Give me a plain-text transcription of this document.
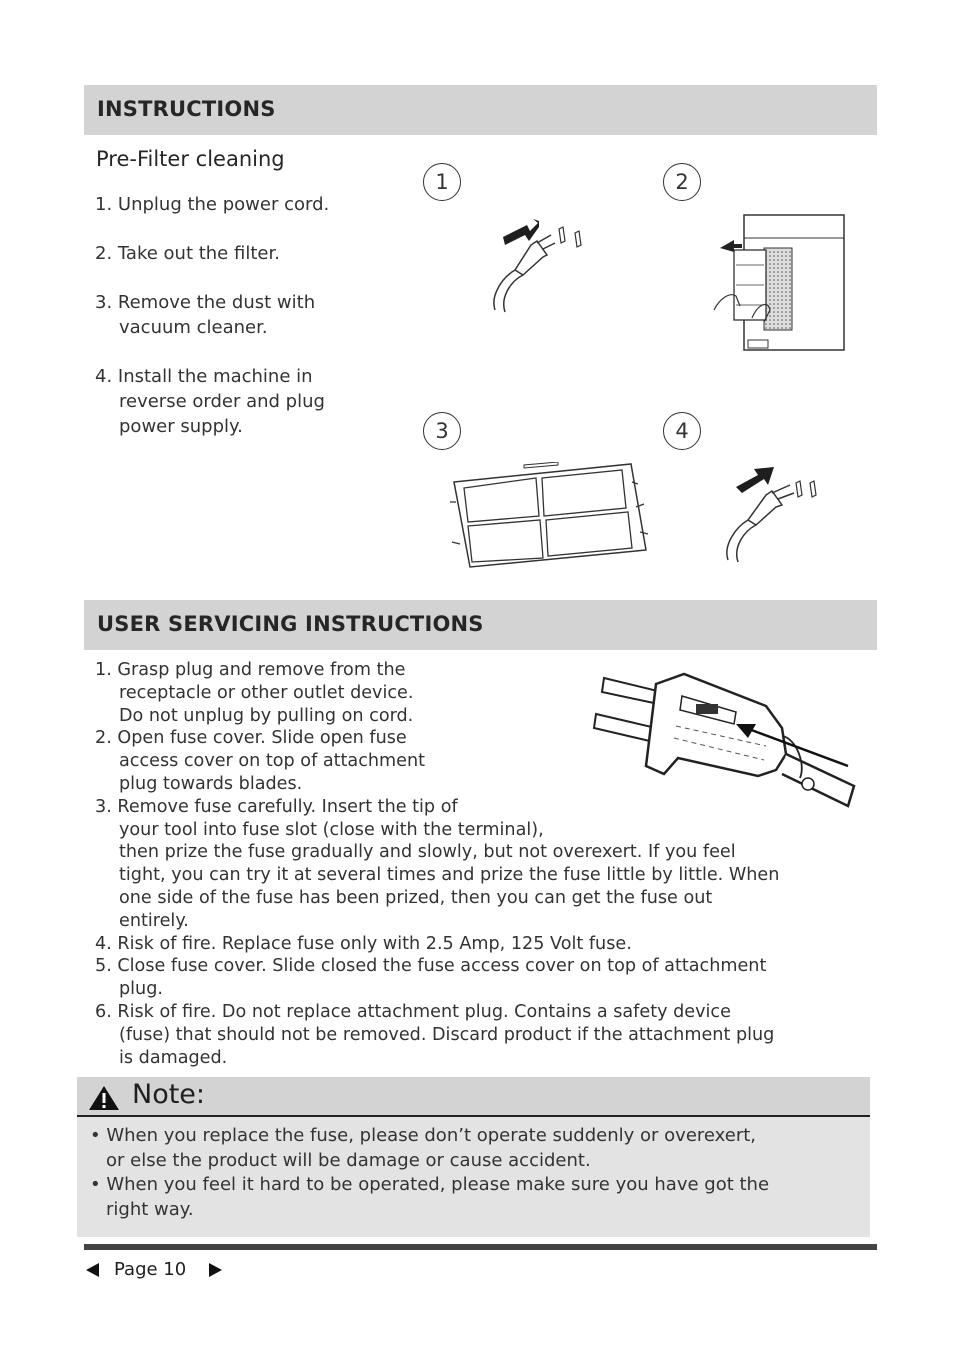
INSTRUCTIONS
Pre-Filter cleaning
1. Unplug the power cord.
2. Take out the filter.
3. Remove the dust with
vacuum cleaner.
4. Install the machine in
reverse order and plug
power supply.
1	2
3	4
USER SERVICING INSTRUCTIONS
1. Grasp plug and remove from the
receptacle or other outlet device.
Do not unplug by pulling on cord.
2. Open fuse cover. Slide open fuse
access cover on top of attachment
plug towards blades.
3. Remove fuse carefully. Insert the tip of
your tool into fuse slot (close with the terminal),
then prize the fuse gradually and slowly, but not overexert. If you feel
tight, you can try it at several times and prize the fuse little by little. When
one side of the fuse has been prized, then you can get the fuse out
entirely.
4. Risk of fire. Replace fuse only with 2.5 Amp, 125 Volt fuse.
5. Close fuse cover. Slide closed the fuse access cover on top of attachment
plug.
6. Risk of fire. Do not replace attachment plug. Contains a safety device
(fuse) that should not be removed. Discard product if the attachment plug
is damaged.
Note:
• When you replace the fuse, please don’t operate suddenly or overexert,
or else the product will be damage or cause accident.
• When you feel it hard to be operated, please make sure you have got the
right way.
Page 10
